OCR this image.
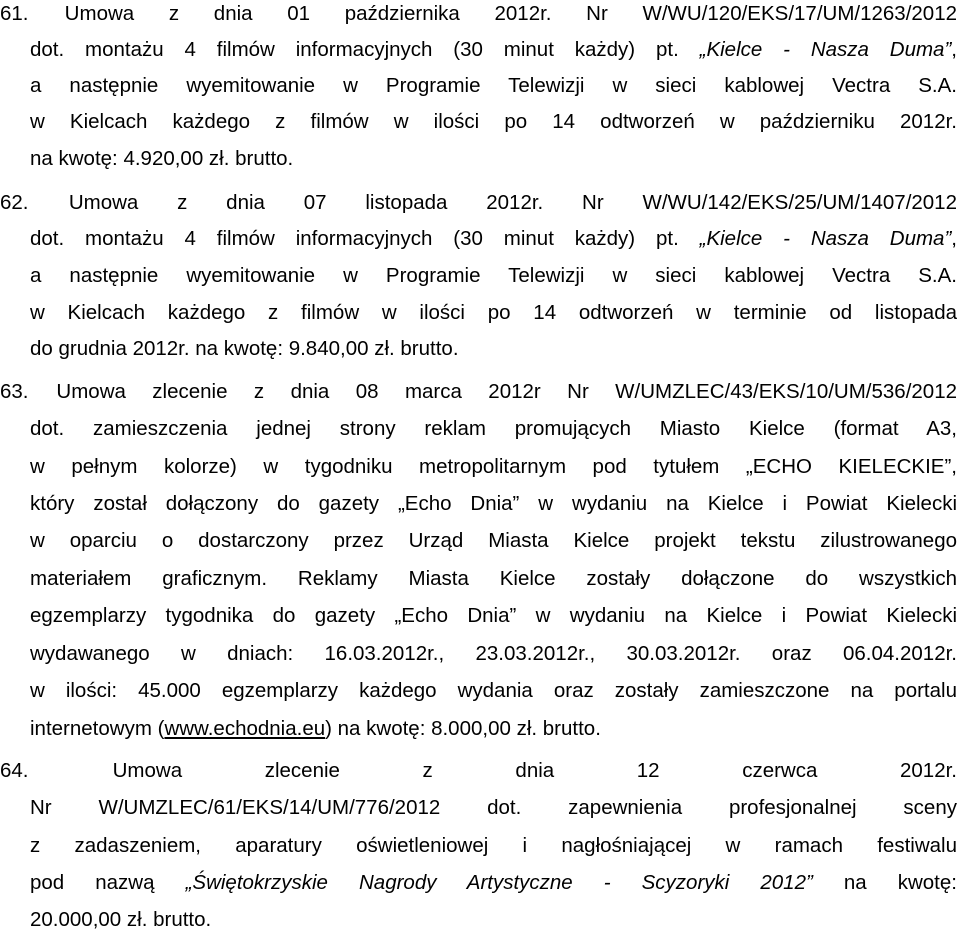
61. Umowa z dnia 01 października 2012r. Nr W/WU/120/EKS/17/UM/1263/2012
dot. montażu 4 filmów informacyjnych (30 minut każdy) pt. „Kielce - Nasza Duma”,
a następnie wyemitowanie w Programie Telewizji w sieci kablowej Vectra S.A.
w Kielcach każdego z filmów w ilości po 14 odtworzeń w październiku 2012r.
na kwotę: 4.920,00 zł. brutto.
62. Umowa z dnia 07 listopada 2012r. Nr W/WU/142/EKS/25/UM/1407/2012
dot. montażu 4 filmów informacyjnych (30 minut każdy) pt. „Kielce - Nasza Duma”,
a następnie wyemitowanie w Programie Telewizji w sieci kablowej Vectra S.A.
w Kielcach każdego z filmów w ilości po 14 odtworzeń w terminie od listopada
do grudnia 2012r. na kwotę: 9.840,00 zł. brutto.
63. Umowa zlecenie z dnia 08 marca 2012r Nr W/UMZLEC/43/EKS/10/UM/536/2012
dot. zamieszczenia jednej strony reklam promujących Miasto Kielce (format A3,
w pełnym kolorze) w tygodniku metropolitarnym pod tytułem „ECHO KIELECKIE”,
który został dołączony do gazety „Echo Dnia” w wydaniu na Kielce i Powiat Kielecki
w oparciu o dostarczony przez Urząd Miasta Kielce projekt tekstu zilustrowanego
materiałem graficznym. Reklamy Miasta Kielce zostały dołączone do wszystkich
egzemplarzy tygodnika do gazety „Echo Dnia” w wydaniu na Kielce i Powiat Kielecki
wydawanego w dniach: 16.03.2012r., 23.03.2012r., 30.03.2012r. oraz 06.04.2012r.
w ilości: 45.000 egzemplarzy każdego wydania oraz zostały zamieszczone na portalu
internetowym (www.echodnia.eu) na kwotę: 8.000,00 zł. brutto.
64. Umowa zlecenie z dnia 12 czerwca 2012r.
Nr W/UMZLEC/61/EKS/14/UM/776/2012 dot. zapewnienia profesjonalnej sceny
z zadaszeniem, aparatury oświetleniowej i nagłośniającej w ramach festiwalu
pod nazwą „Świętokrzyskie Nagrody Artystyczne - Scyzoryki 2012” na kwotę:
20.000,00 zł. brutto.
